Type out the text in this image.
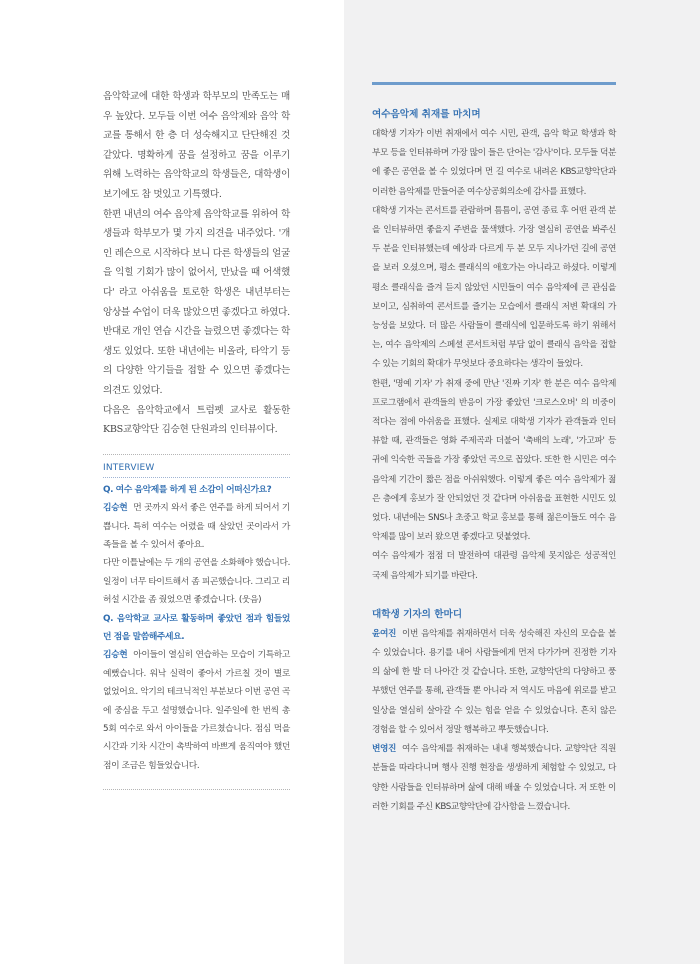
음악학교에 대한 학생과 학부모의 만족도는 매우 높았다. 모두들 이번 여수 음악제와 음악 학교를 통해서 한 층 더 성숙해지고 단단해진 것 같았다. 명확하게 꿈을 설정하고 꿈을 이루기 위해 노력하는 음악학교의 학생들은, 대학생이 보기에도 참 멋있고 기특했다.

한편 내년의 여수 음악제 음악학교를 위하여 학생들과 학부모가 몇 가지 의견을 내주었다. '개인 레슨으로 시작하다 보니 다른 학생들의 얼굴을 익힐 기회가 많이 없어서, 만났을 때 어색했다' 라고 아쉬움을 토로한 학생은 내년부터는 앙상블 수업이 더욱 많았으면 좋겠다고 하였다.

반대로 개인 연습 시간을 늘렸으면 좋겠다는 학생도 있었다. 또한 내년에는 비올라, 타악기 등의 다양한 악기들을 접할 수 있으면 좋겠다는 의견도 있었다.

다음은 음악학교에서 트럼펫 교사로 활동한 KBS교향악단 김승현 단원과의 인터뷰이다.

INTERVIEW

Q. 여수 음악제를 하게 된 소감이 어떠신가요?

김승현 먼 곳까지 와서 좋은 연주를 하게 되어서 기쁩니다. 특히 여수는 어렸을 때 살았던 곳이라서 가족들을 볼 수 있어서 좋아요.

다만 이틀날에는 두 개의 공연을 소화해야 했습니다. 일정이 너무 타이트해서 좀 피곤했습니다. 그리고 리허설 시간을 좀 줬었으면 좋겠습니다. (웃음)

Q. 음악학교 교사로 활동하며 좋았던 점과 힘들었던 점을 말씀해주세요.

김승현 아이들이 열심히 연습하는 모습이 기특하고 예뻤습니다. 워낙 실력이 좋아서 가르칠 것이 별로 없었어요. 악기의 테크닉적인 부분보다 이번 공연 곡에 중심을 두고 설명했습니다. 일주일에 한 번씩 총 5회 여수로 와서 아이들을 가르쳤습니다. 점심 먹을 시간과 기차 시간이 촉박하여 바쁘게 움직여야 했던 점이 조금은 힘들었습니다.

여수음악제 취재를 마치며

대학생 기자가 이번 취재에서 여수 시민, 관객, 음악 학교 학생과 학부모 등을 인터뷰하며 가장 많이 들은 단어는 '감사'이다. 모두들 덕분에 좋은 공연을 볼 수 있었다며 먼 길 여수로 내려온 KBS교향악단과 이러한 음악제를 만들어준 여수상공회의소에 감사를 표했다.

대학생 기자는 콘서트를 관람하며 틈틈이, 공연 종료 후 어떤 관객 분을 인터뷰하면 좋을지 주변을 물색했다. 가장 열심히 공연을 봐주신 두 분을 인터뷰했는데 예상과 다르게 두 분 모두 지나가던 길에 공연을 보러 오셨으며, 평소 클래식의 애호가는 아니라고 하셨다. 이렇게 평소 클래식을 즐겨 듣지 않았던 시민들이 여수 음악제에 큰 관심을 보이고, 심취하여 콘서트를 즐기는 모습에서 클래식 저변 확대의 가능성을 보았다. 더 많은 사람들이 클래식에 입문하도록 하기 위해서는, 여수 음악제의 스페셜 콘서트처럼 부담 없이 클래식 음악을 접할 수 있는 기회의 확대가 무엇보다 중요하다는 생각이 들었다.

한편, '명예 기자' 가 취재 중에 만난 '진짜 기자' 한 분은 여수 음악제 프로그램에서 관객들의 반응이 가장 좋았던 '크로스오버' 의 비중이 적다는 점에 아쉬움을 표했다. 실제로 대학생 기자가 관객들과 인터뷰할 때, 관객들은 영화 주제곡과 더불어 '축배의 노래', '가고파' 등 귀에 익숙한 곡들을 가장 좋았던 곡으로 꼽았다. 또한 한 시민은 여수 음악제 기간이 짧은 점을 아쉬워했다. 이렇게 좋은 여수 음악제가 젊은 층에게 홍보가 잘 안되었던 것 같다며 아쉬움을 표현한 시민도 있었다. 내년에는 SNS나 초중고 학교 홍보를 통해 젊은이들도 여수 음악제를 많이 보러 왔으면 좋겠다고 덧붙였다.

여수 음악제가 점점 더 발전하여 대관령 음악제 못지않은 성공적인 국제 음악제가 되기를 바란다.

대학생 기자의 한마디

윤여진 이번 음악제를 취재하면서 더욱 성숙해진 자신의 모습을 볼 수 있었습니다. 용기를 내어 사람들에게 먼저 다가가며 진정한 기자의 삶에 한 발 더 나아간 것 같습니다. 또한, 교향악단의 다양하고 풍부했던 연주를 통해, 관객들 뿐 아니라 저 역시도 마음에 위로를 받고 일상을 열심히 살아갈 수 있는 힘을 얻을 수 있었습니다. 흔치 않은 경험을 할 수 있어서 정말 행복하고 뿌듯했습니다.

변영진 여수 음악제를 취재하는 내내 행복했습니다. 교향악단 직원 분들을 따라다니며 행사 진행 현장을 생생하게 체험할 수 있었고, 다양한 사람들을 인터뷰하며 삶에 대해 배울 수 있었습니다. 저 또한 이러한 기회를 주신 KBS교향악단에 감사함을 느꼈습니다.
